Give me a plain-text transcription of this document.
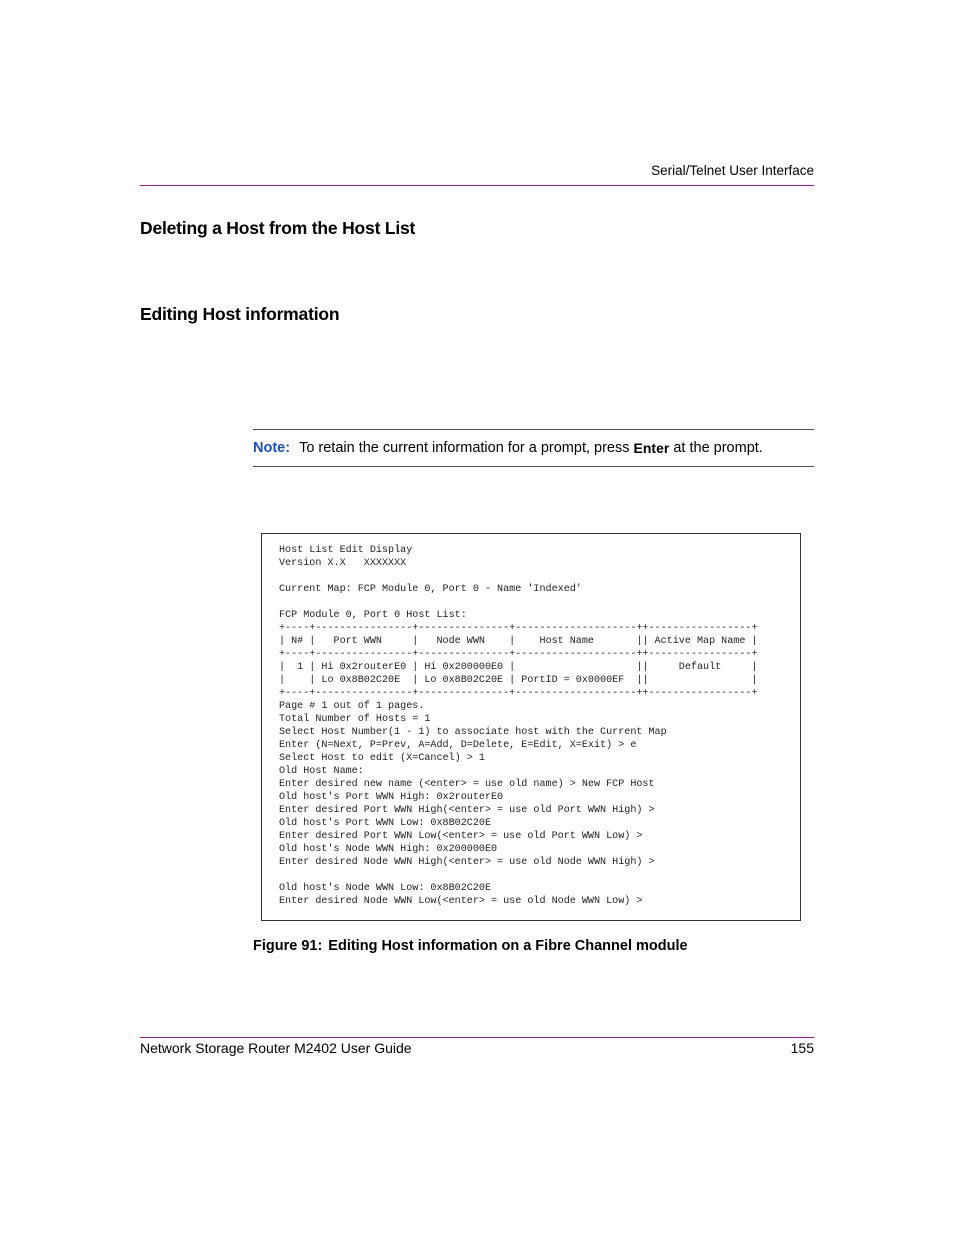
Serial/Telnet User Interface
Deleting a Host from the Host List
Editing Host information
Note: To retain the current information for a prompt, press
Enter
at the prompt.
Host List Edit Display
Version X.X   XXXXXXX

Current Map: FCP Module 0, Port 0 - Name 'Indexed'

FCP Module 0, Port 0 Host List:
+----+----------------+---------------+--------------------++-----------------+
| N# |   Port WWN     |   Node WWN    |    Host Name       || Active Map Name |
+----+----------------+---------------+--------------------++-----------------+
|  1 | Hi 0x2routerE0 | Hi 0x200000E0 |                    ||     Default     |
|    | Lo 0x8B02C20E  | Lo 0x8B02C20E | PortID = 0x0000EF  ||                 |
+----+----------------+---------------+--------------------++-----------------+
Page # 1 out of 1 pages.
Total Number of Hosts = 1
Select Host Number(1 - 1) to associate host with the Current Map
Enter (N=Next, P=Prev, A=Add, D=Delete, E=Edit, X=Exit) > e
Select Host to edit (X=Cancel) > 1
Old Host Name:
Enter desired new name (<enter> = use old name) > New FCP Host
Old host's Port WWN High: 0x2routerE0
Enter desired Port WWN High(<enter> = use old Port WWN High) >
Old host's Port WWN Low: 0x8B02C20E
Enter desired Port WWN Low(<enter> = use old Port WWN Low) >
Old host's Node WWN High: 0x200000E0
Enter desired Node WWN High(<enter> = use old Node WWN High) >

Old host's Node WWN Low: 0x8B02C20E
Enter desired Node WWN Low(<enter> = use old Node WWN Low) >
Figure 91: Editing Host information on a Fibre Channel module
Network Storage Router M2402 User Guide	155
